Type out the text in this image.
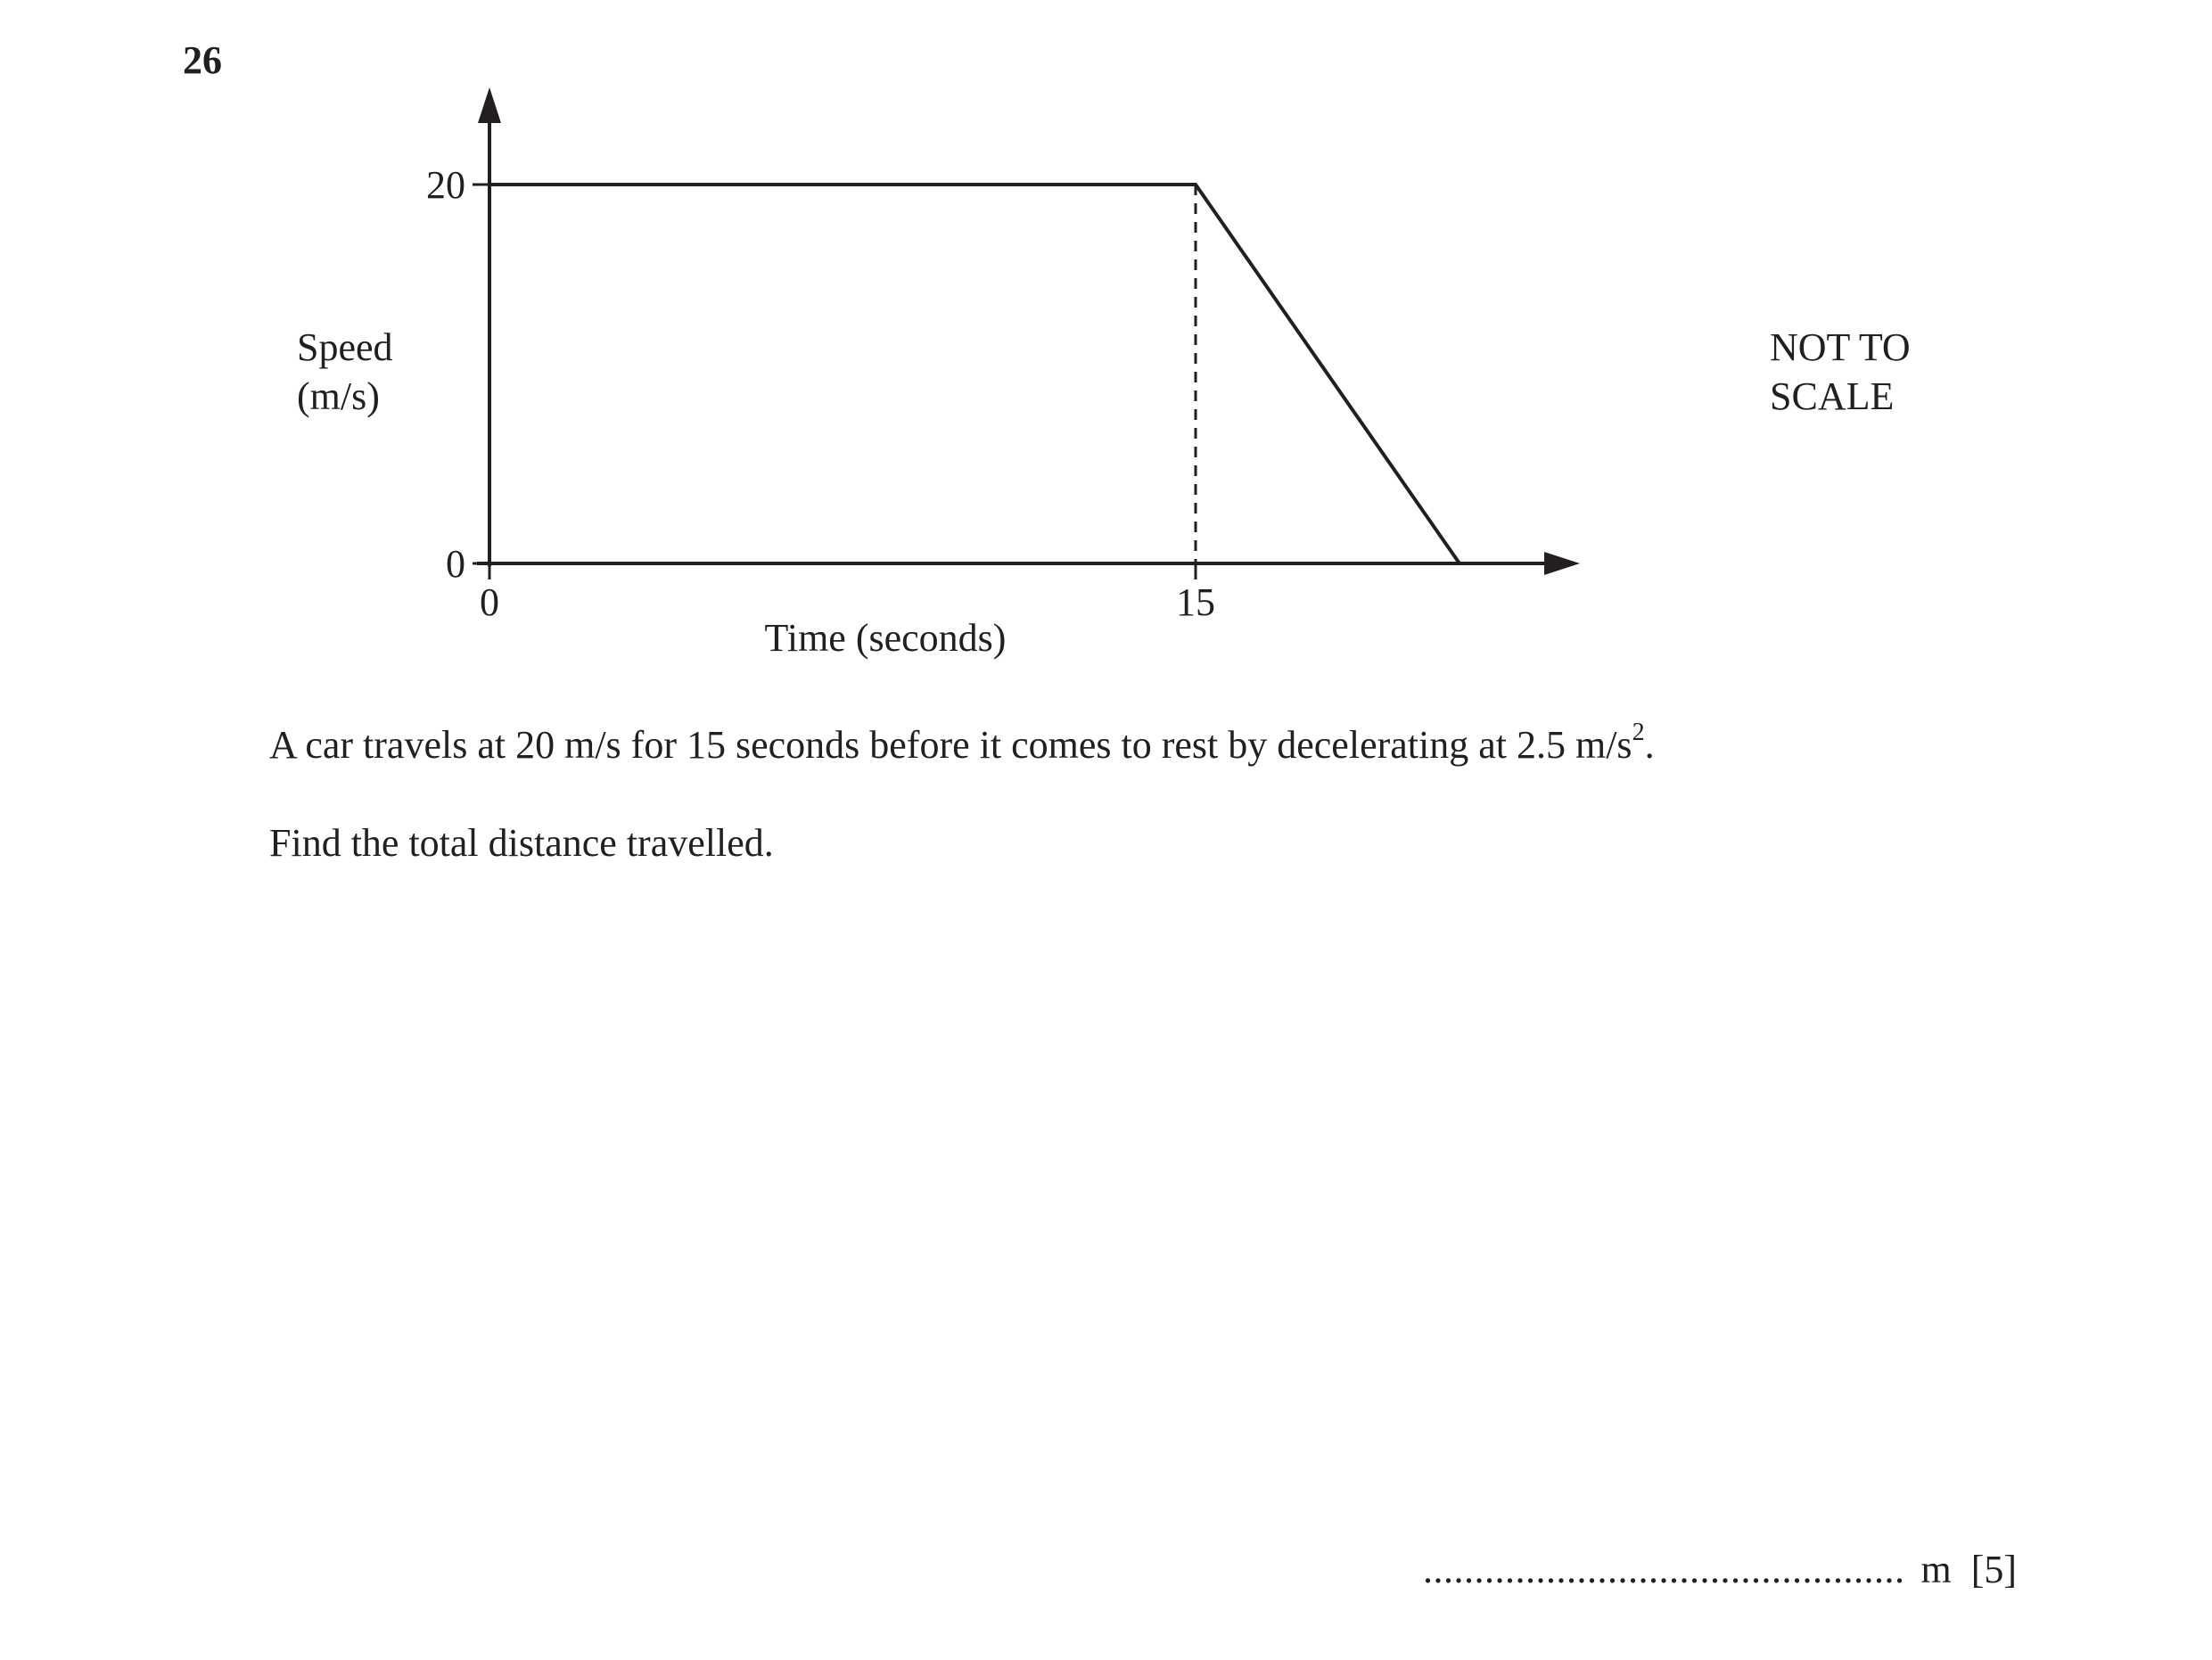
26
20
0
0	15
Time (seconds)
Speed
(m/s)
NOT TO
SCALE
A car travels at 20 m/s for 15 seconds before it comes to rest by decelerating at 2.5 $m/s^2$.
Find the total distance travelled.
............................................... m [5]
